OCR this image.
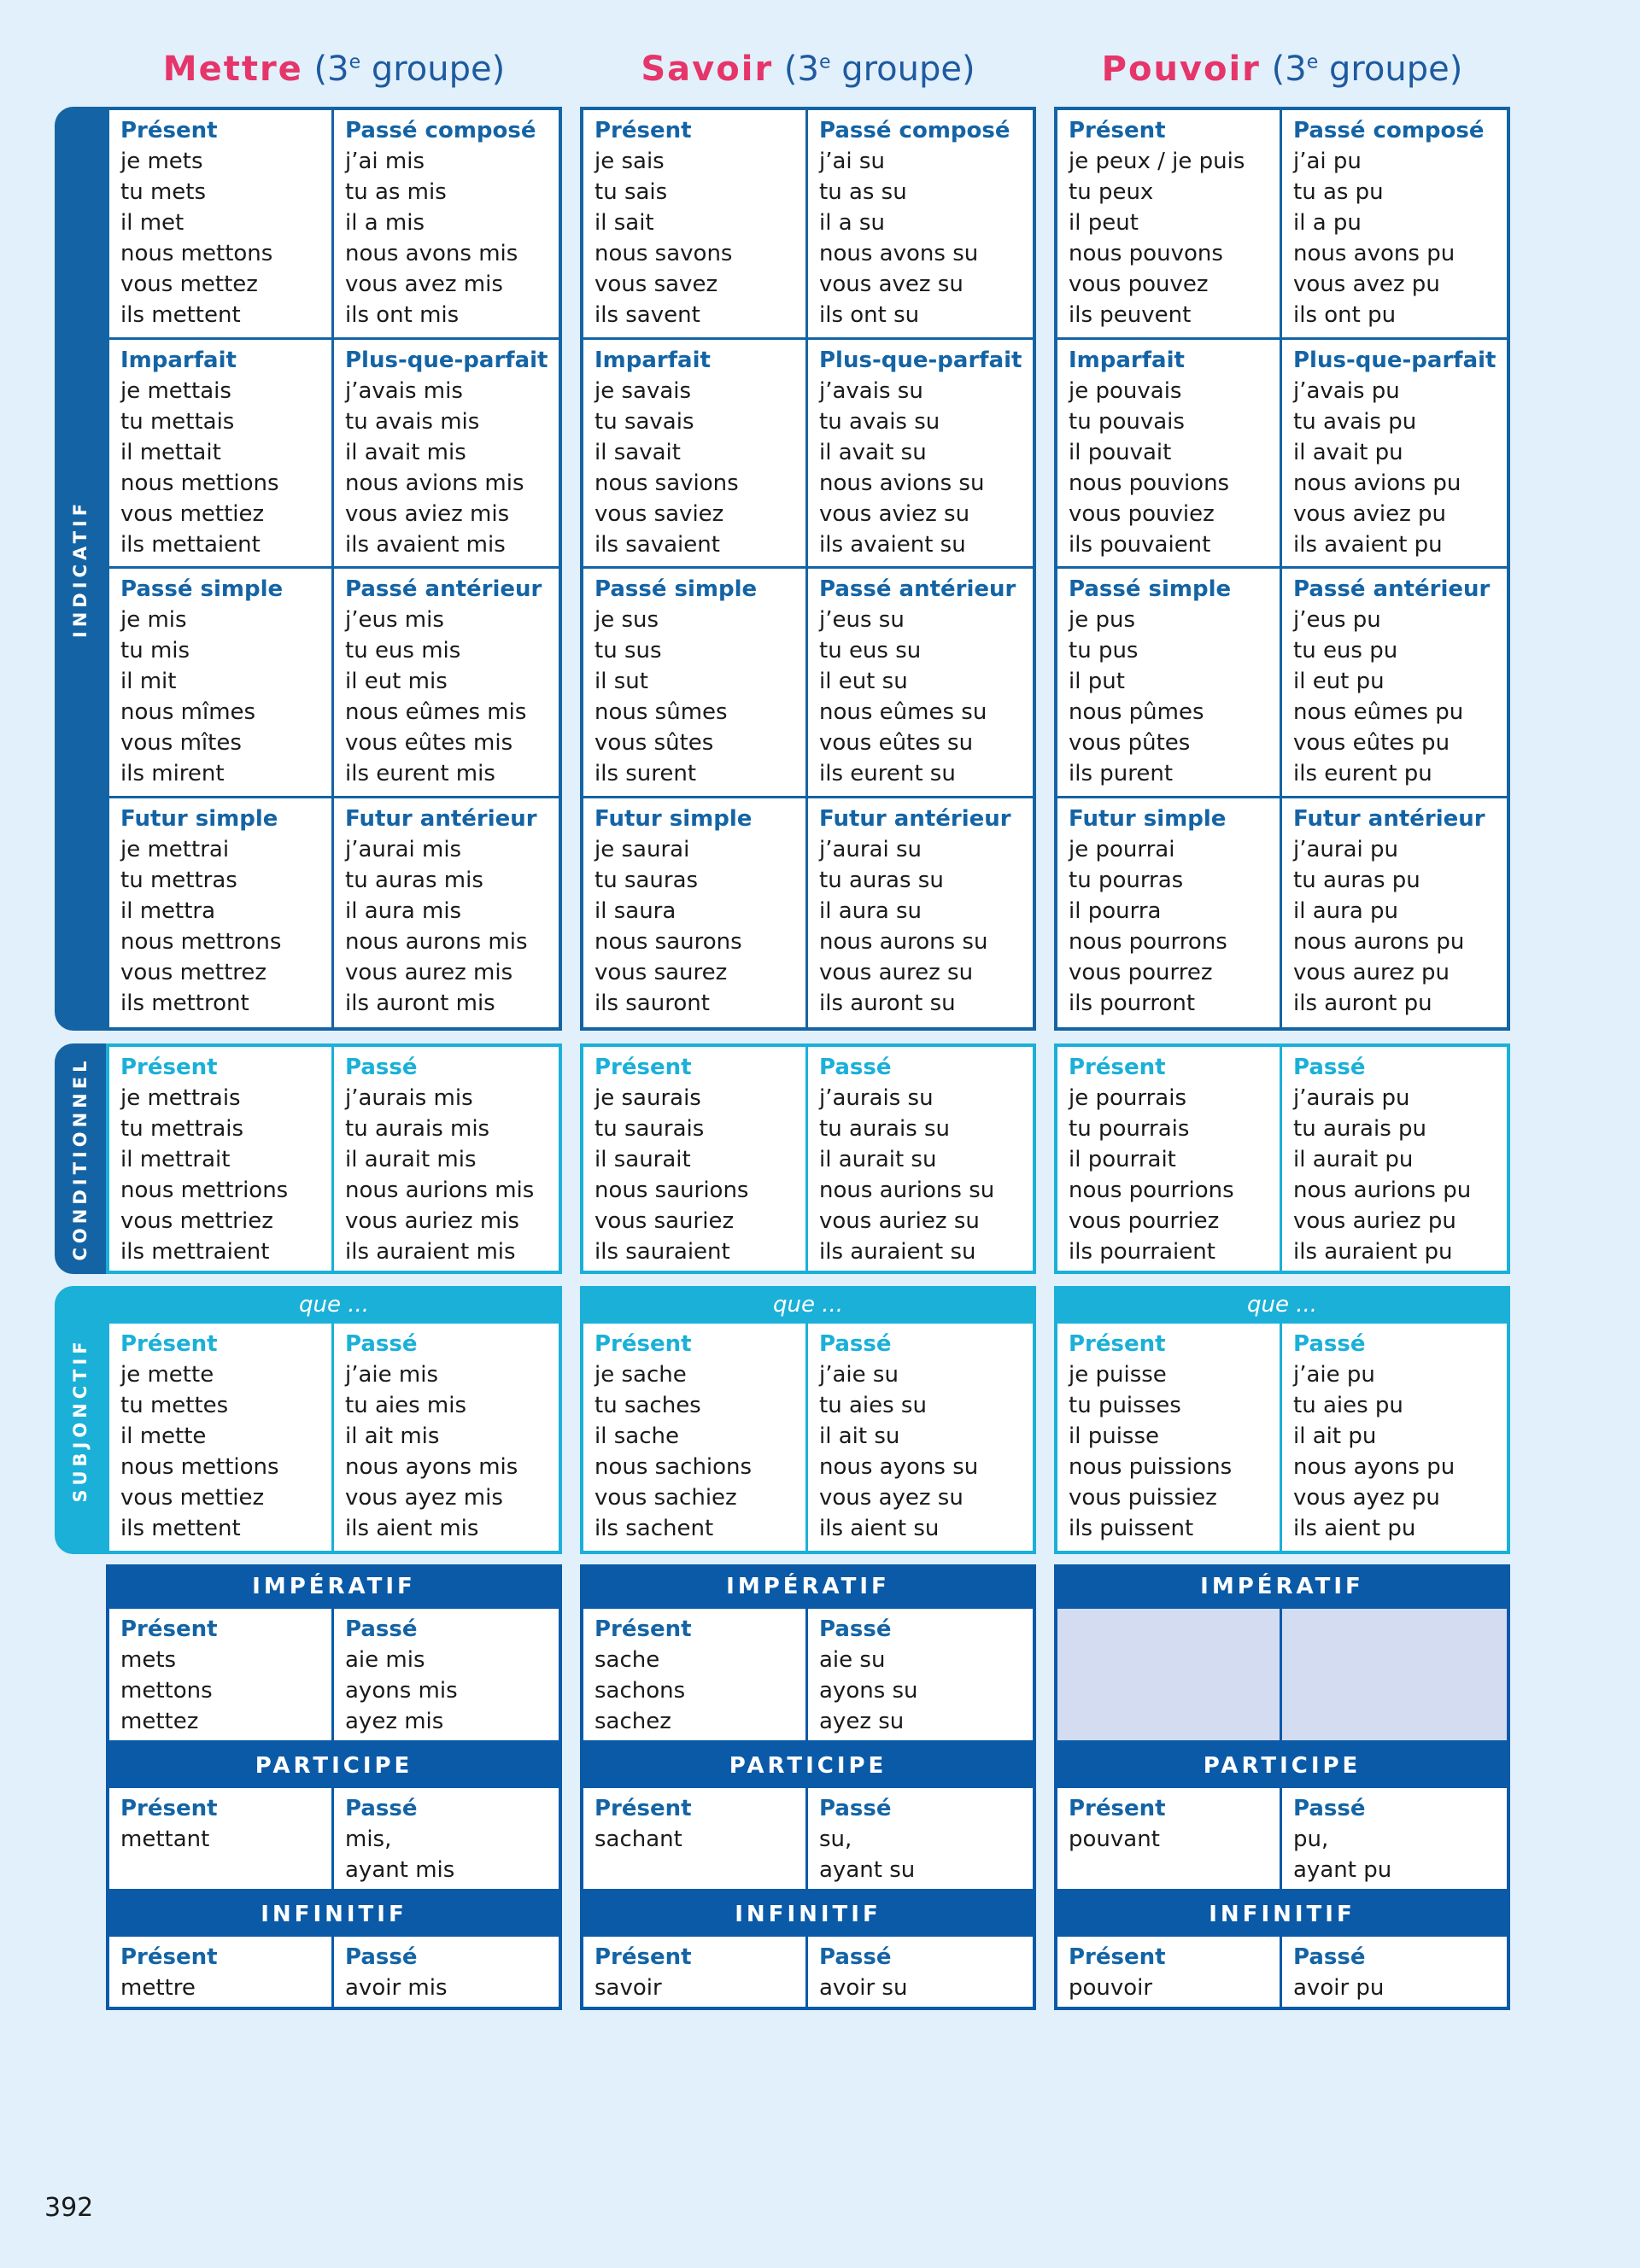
INDICATIF
CONDITIONNEL
SUBJONCTIF
Mettre (3e groupe)
Présent
je mets
tu mets
il met
nous mettons
vous mettez
ils mettent
Passé composé
j’ai mis
tu as mis
il a mis
nous avons mis
vous avez mis
ils ont mis
Imparfait
je mettais
tu mettais
il mettait
nous mettions
vous mettiez
ils mettaient
Plus-que-parfait
j’avais mis
tu avais mis
il avait mis
nous avions mis
vous aviez mis
ils avaient mis
Passé simple
je mis
tu mis
il mit
nous mîmes
vous mîtes
ils mirent
Passé antérieur
j’eus mis
tu eus mis
il eut mis
nous eûmes mis
vous eûtes mis
ils eurent mis
Futur simple
je mettrai
tu mettras
il mettra
nous mettrons
vous mettrez
ils mettront
Futur antérieur
j’aurai mis
tu auras mis
il aura mis
nous aurons mis
vous aurez mis
ils auront mis
Présent
je mettrais
tu mettrais
il mettrait
nous mettrions
vous mettriez
ils mettraient
Passé
j’aurais mis
tu aurais mis
il aurait mis
nous aurions mis
vous auriez mis
ils auraient mis
que ...
Présent
je mette
tu mettes
il mette
nous mettions
vous mettiez
ils mettent
Passé
j’aie mis
tu aies mis
il ait mis
nous ayons mis
vous ayez mis
ils aient mis
IMPÉRATIF
Présent
mets
mettons
mettez
Passé
aie mis
ayons mis
ayez mis
PARTICIPE
Présent
mettant
Passé
mis,
ayant mis
INFINITIF
Présent
mettre
Passé
avoir mis
Savoir (3e groupe)
Présent
je sais
tu sais
il sait
nous savons
vous savez
ils savent
Passé composé
j’ai su
tu as su
il a su
nous avons su
vous avez su
ils ont su
Imparfait
je savais
tu savais
il savait
nous savions
vous saviez
ils savaient
Plus-que-parfait
j’avais su
tu avais su
il avait su
nous avions su
vous aviez su
ils avaient su
Passé simple
je sus
tu sus
il sut
nous sûmes
vous sûtes
ils surent
Passé antérieur
j’eus su
tu eus su
il eut su
nous eûmes su
vous eûtes su
ils eurent su
Futur simple
je saurai
tu sauras
il saura
nous saurons
vous saurez
ils sauront
Futur antérieur
j’aurai su
tu auras su
il aura su
nous aurons su
vous aurez su
ils auront su
Présent
je saurais
tu saurais
il saurait
nous saurions
vous sauriez
ils sauraient
Passé
j’aurais su
tu aurais su
il aurait su
nous aurions su
vous auriez su
ils auraient su
que ...
Présent
je sache
tu saches
il sache
nous sachions
vous sachiez
ils sachent
Passé
j’aie su
tu aies su
il ait su
nous ayons su
vous ayez su
ils aient su
IMPÉRATIF
Présent
sache
sachons
sachez
Passé
aie su
ayons su
ayez su
PARTICIPE
Présent
sachant
Passé
su,
ayant su
INFINITIF
Présent
savoir
Passé
avoir su
Pouvoir (3e groupe)
Présent
je peux / je puis
tu peux
il peut
nous pouvons
vous pouvez
ils peuvent
Passé composé
j’ai pu
tu as pu
il a pu
nous avons pu
vous avez pu
ils ont pu
Imparfait
je pouvais
tu pouvais
il pouvait
nous pouvions
vous pouviez
ils pouvaient
Plus-que-parfait
j’avais pu
tu avais pu
il avait pu
nous avions pu
vous aviez pu
ils avaient pu
Passé simple
je pus
tu pus
il put
nous pûmes
vous pûtes
ils purent
Passé antérieur
j’eus pu
tu eus pu
il eut pu
nous eûmes pu
vous eûtes pu
ils eurent pu
Futur simple
je pourrai
tu pourras
il pourra
nous pourrons
vous pourrez
ils pourront
Futur antérieur
j’aurai pu
tu auras pu
il aura pu
nous aurons pu
vous aurez pu
ils auront pu
Présent
je pourrais
tu pourrais
il pourrait
nous pourrions
vous pourriez
ils pourraient
Passé
j’aurais pu
tu aurais pu
il aurait pu
nous aurions pu
vous auriez pu
ils auraient pu
que ...
Présent
je puisse
tu puisses
il puisse
nous puissions
vous puissiez
ils puissent
Passé
j’aie pu
tu aies pu
il ait pu
nous ayons pu
vous ayez pu
ils aient pu
IMPÉRATIF
PARTICIPE
Présent
pouvant
Passé
pu,
ayant pu
INFINITIF
Présent
pouvoir
Passé
avoir pu
392
